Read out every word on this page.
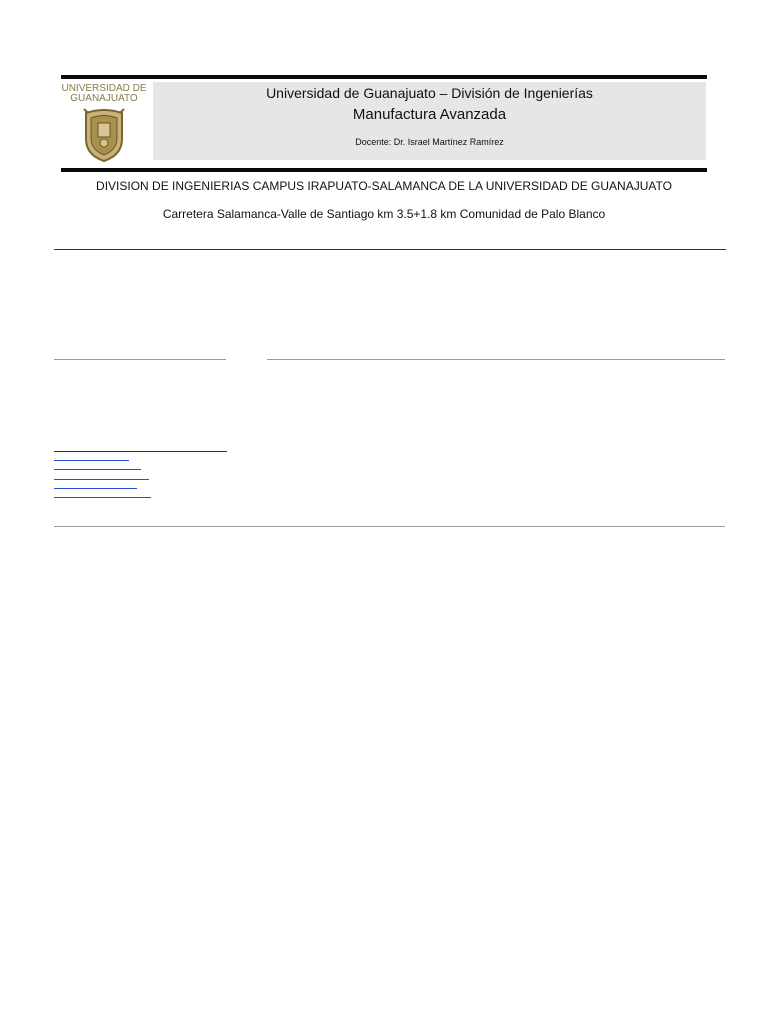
UNIVERSIDAD DE
GUANAJUATO	Universidad de Guanajuato – División de Ingenierías
Manufactura Avanzada
Docente: Dr. Israel Martínez Ramírez
DIVISION DE INGENIERIAS CAMPUS IRAPUATO-SALAMANCA DE LA UNIVERSIDAD DE GUANAJUATO
Carretera Salamanca-Valle de Santiago km 3.5+1.8 km Comunidad de Palo Blanco
